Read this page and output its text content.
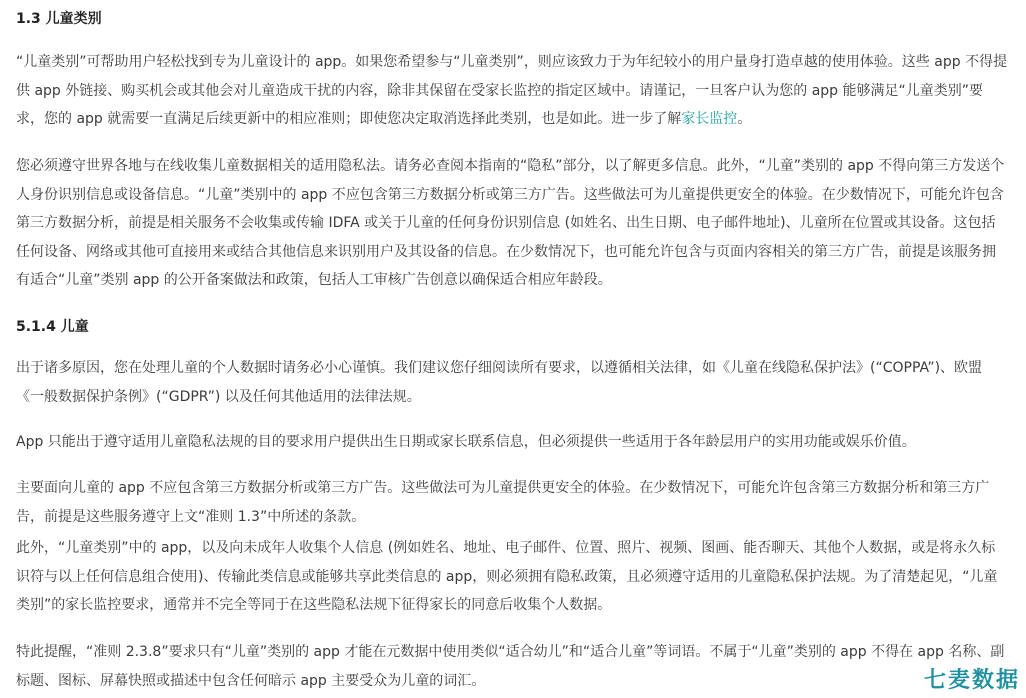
1.3 儿童类别

“儿童类别”可帮助用户轻松找到专为儿童设计的 app。如果您希望参与“儿童类别”，则应该致力于为年纪较小的用户量身打造卓越的使用体验。这些 app 不得提供 app 外链接、购买机会或其他会对儿童造成干扰的内容，除非其保留在受家长监控的指定区域中。请谨记，一旦客户认为您的 app 能够满足“儿童类别”要求，您的 app 就需要一直满足后续更新中的相应准则；即使您决定取消选择此类别，也是如此。进一步了解家长监控。

您必须遵守世界各地与在线收集儿童数据相关的适用隐私法。请务必查阅本指南的“隐私”部分，以了解更多信息。此外，“儿童”类别的 app 不得向第三方发送个人身份识别信息或设备信息。“儿童”类别中的 app 不应包含第三方数据分析或第三方广告。这些做法可为儿童提供更安全的体验。在少数情况下，可能允许包含第三方数据分析，前提是相关服务不会收集或传输 IDFA 或关于儿童的任何身份识别信息 (如姓名、出生日期、电子邮件地址)、儿童所在位置或其设备。这包括任何设备、网络或其他可直接用来或结合其他信息来识别用户及其设备的信息。在少数情况下，也可能允许包含与页面内容相关的第三方广告，前提是该服务拥有适合“儿童”类别 app 的公开备案做法和政策，包括人工审核广告创意以确保适合相应年龄段。

5.1.4 儿童

出于诸多原因，您在处理儿童的个人数据时请务必小心谨慎。我们建议您仔细阅读所有要求，以遵循相关法律，如《儿童在线隐私保护法》(“COPPA”)、欧盟《一般数据保护条例》(“GDPR”) 以及任何其他适用的法律法规。

App 只能出于遵守适用儿童隐私法规的目的要求用户提供出生日期或家长联系信息，但必须提供一些适用于各年龄层用户的实用功能或娱乐价值。

主要面向儿童的 app 不应包含第三方数据分析或第三方广告。这些做法可为儿童提供更安全的体验。在少数情况下，可能允许包含第三方数据分析和第三方广告，前提是这些服务遵守上文“准则 1.3”中所述的条款。

此外，“儿童类别”中的 app，以及向未成年人收集个人信息 (例如姓名、地址、电子邮件、位置、照片、视频、图画、能否聊天、其他个人数据，或是将永久标识符与以上任何信息组合使用)、传输此类信息或能够共享此类信息的 app，则必须拥有隐私政策，且必须遵守适用的儿童隐私保护法规。为了清楚起见，“儿童类别”的家长监控要求，通常并不完全等同于在这些隐私法规下征得家长的同意后收集个人数据。

特此提醒，“准则 2.3.8”要求只有“儿童”类别的 app 才能在元数据中使用类似“适合幼儿”和“适合儿童”等词语。不属于“儿童”类别的 app 不得在 app 名称、副标题、图标、屏幕快照或描述中包含任何暗示 app 主要受众为儿童的词汇。	七麦数据
